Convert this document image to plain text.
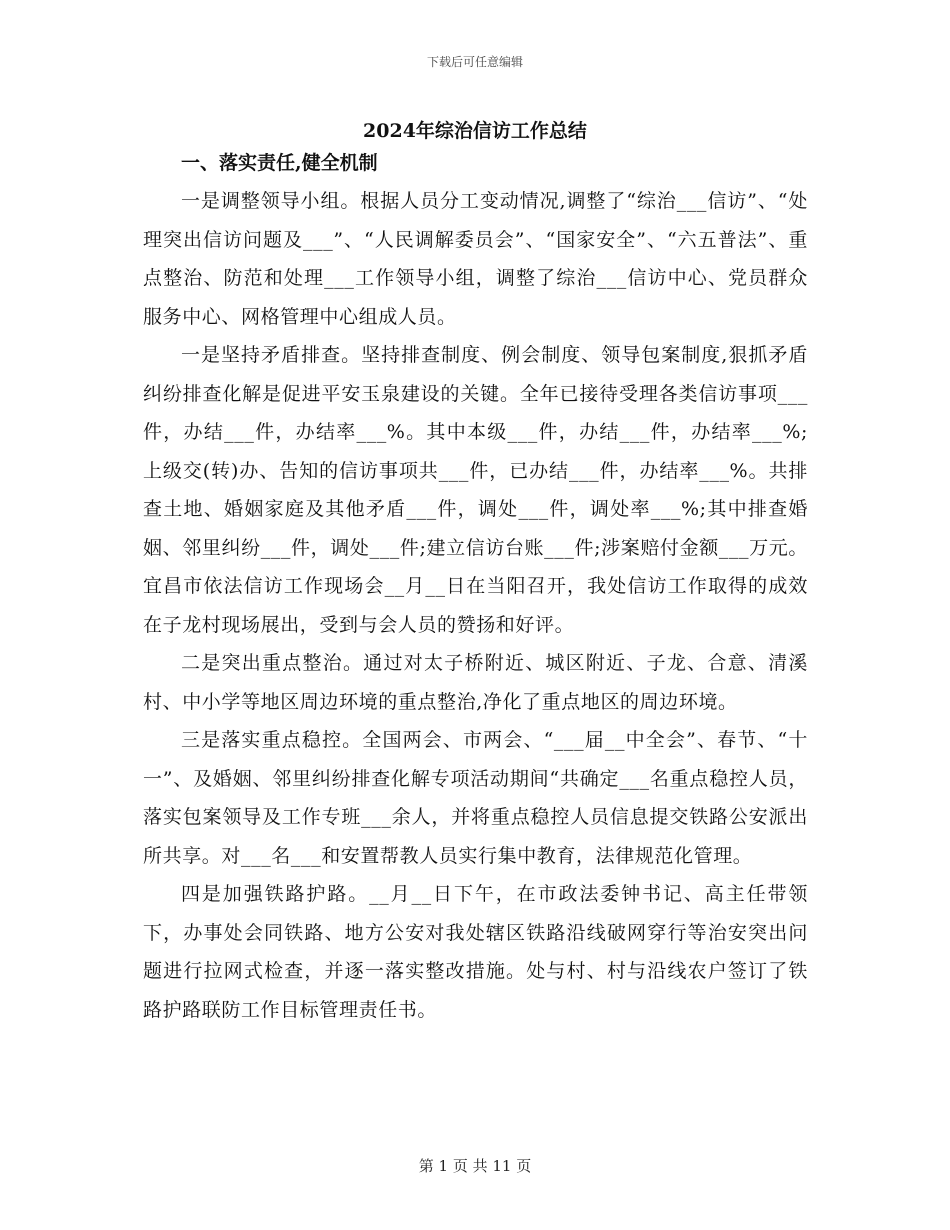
下载后可任意编辑
2024年综治信访工作总结

一、落实责任,健全机制

一是调整领导小组。根据人员分工变动情况,调整了“综治___信访”、“处理突出信访问题及___”、“人民调解委员会”、“国家安全”、“六五普法”、重点整治、防范和处理___工作领导小组，调整了综治___信访中心、党员群众服务中心、网格管理中心组成人员。

一是坚持矛盾排查。坚持排查制度、例会制度、领导包案制度,狠抓矛盾纠纷排查化解是促进平安玉泉建设的关键。全年已接待受理各类信访事项___件，办结___件，办结率___%。其中本级___件，办结___件，办结率___%;上级交(转)办、告知的信访事项共___件，已办结___件，办结率___%。共排查土地、婚姻家庭及其他矛盾___件，调处___件，调处率___%;其中排查婚姻、邻里纠纷___件，调处___件;建立信访台账___件;涉案赔付金额___万元。宜昌市依法信访工作现场会__月__日在当阳召开，我处信访工作取得的成效在子龙村现场展出，受到与会人员的赞扬和好评。

二是突出重点整治。通过对太子桥附近、城区附近、子龙、合意、清溪村、中小学等地区周边环境的重点整治,净化了重点地区的周边环境。

三是落实重点稳控。全国两会、市两会、“___届__中全会”、春节、“十一”、及婚姻、邻里纠纷排查化解专项活动期间“共确定___名重点稳控人员，落实包案领导及工作专班___余人，并将重点稳控人员信息提交铁路公安派出所共享。对___名___和安置帮教人员实行集中教育，法律规范化管理。

四是加强铁路护路。__月__日下午，在市政法委钟书记、高主任带领下，办事处会同铁路、地方公安对我处辖区铁路沿线破网穿行等治安突出问题进行拉网式检查，并逐一落实整改措施。处与村、村与沿线农户签订了铁路护路联防工作目标管理责任书。

第 1 页 共 11 页
